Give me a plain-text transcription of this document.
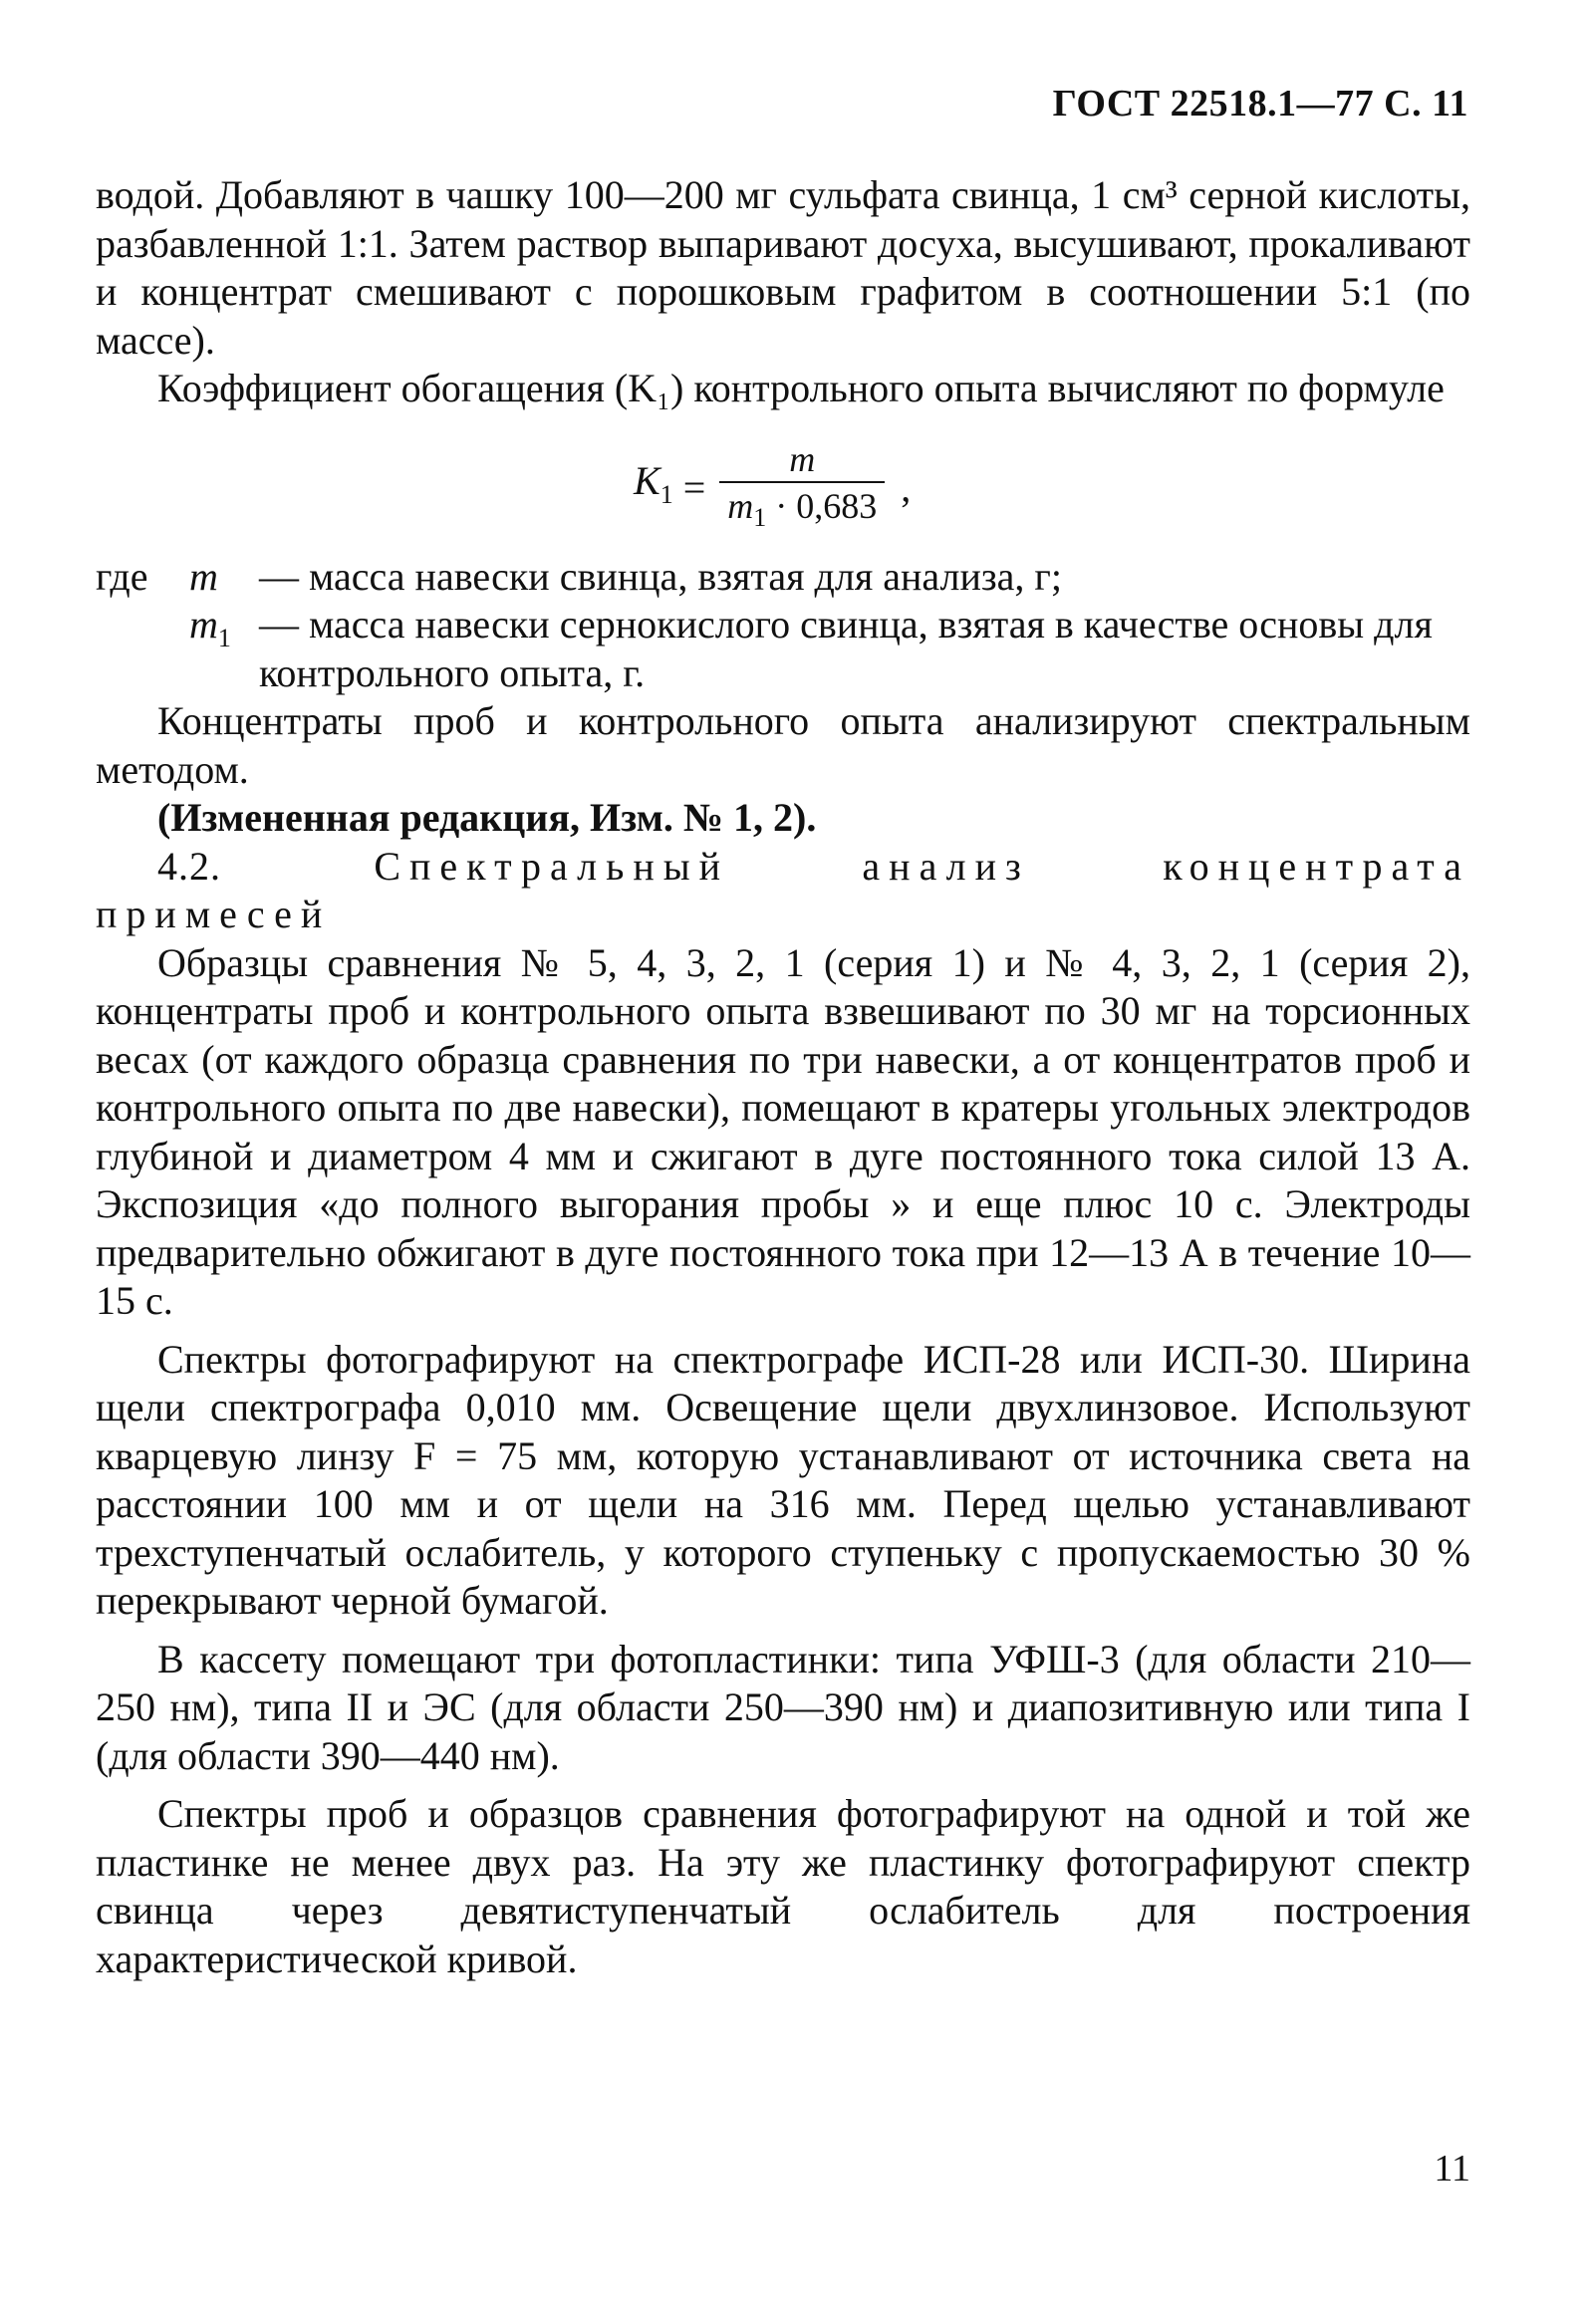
ГОСТ 22518.1—77 С. 11

водой. Добавляют в чашку 100—200 мг сульфата свинца, 1 см³ серной кислоты, разбавленной 1:1. Затем раствор выпаривают досуха, высушивают, прокаливают и концентрат смешивают с порошковым графитом в соотношении 5:1 (по массе).

Коэффициент обогащения (K₁) контрольного опыта вычисляют по формуле

$K_1 = \frac{m}{m_1 \cdot 0,683}$ ,
где	m	— масса навески свинца, взятая для анализа, г;
$m_1$ — масса навески сернокислого свинца, взятая в качестве основы для контрольного опыта, г.

Концентраты проб и контрольного опыта анализируют спектральным методом.

(Измененная редакция, Изм. № 1, 2).

4.2.	Спектральный	анализ	концентрата
примесей

Образцы сравнения № 5, 4, 3, 2, 1 (серия 1) и № 4, 3, 2, 1 (серия 2), концентраты проб и контрольного опыта взвешивают по 30 мг на торсионных весах (от каждого образца сравнения по три навески, а от концентратов проб и контрольного опыта по две навески), помещают в кратеры угольных электродов глубиной и диаметром 4 мм и сжигают в дуге постоянного тока силой 13 А. Экспозиция «до полного выгорания пробы » и еще плюс 10 с. Электроды предварительно обжигают в дуге постоянного тока при 12—13 А в течение 10—15 с.

Спектры фотографируют на спектрографе ИСП-28 или ИСП-30. Ширина щели спектрографа 0,010 мм. Освещение щели двухлинзовое. Используют кварцевую линзу F = 75 мм, которую устанавливают от источника света на расстоянии 100 мм и от щели на 316 мм. Перед щелью устанавливают трехступенчатый ослабитель, у которого ступеньку с пропускаемостью 30 % перекрывают черной бумагой.

В кассету помещают три фотопластинки: типа УФШ-3 (для области 210—250 нм), типа II и ЭС (для области 250—390 нм) и диапозитивную или типа I (для области 390—440 нм).

Спектры проб и образцов сравнения фотографируют на одной и той же пластинке не менее двух раз. На эту же пластинку фотографируют спектр свинца через девятиступенчатый ослабитель для построения характеристической кривой.

11
